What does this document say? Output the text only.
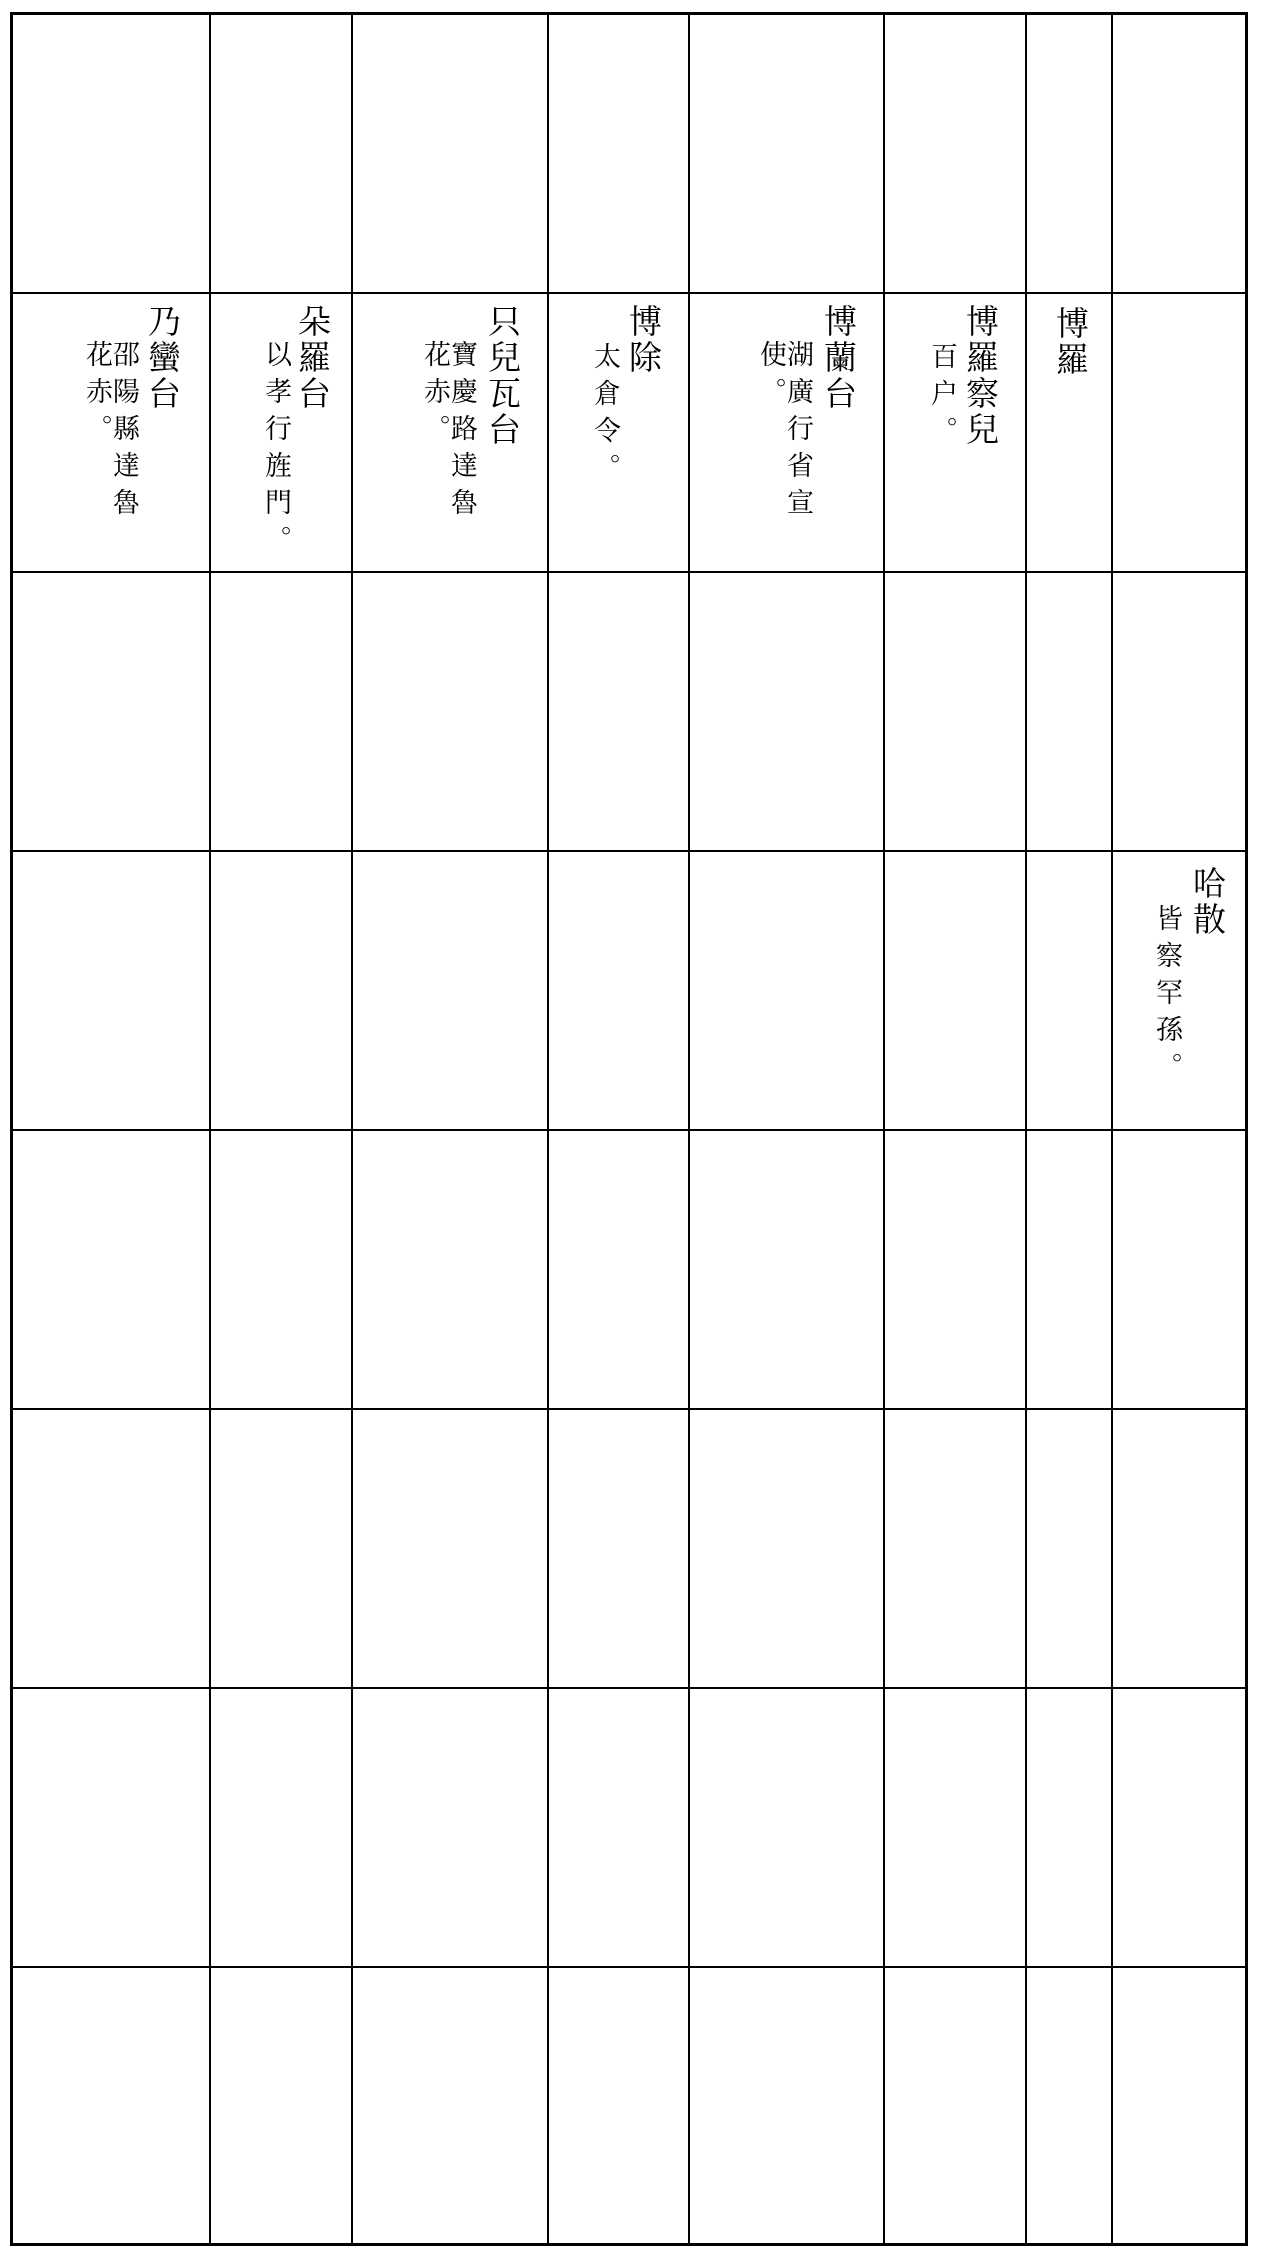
博羅
博羅察兒
百户。
博蘭台
湖廣行省宣使。
博除
太倉令。
只兒瓦台
寶慶路達魯花赤。
朵羅台
以孝行旌門。
乃蠻台
邵陽縣達魯花赤。
哈散
皆察罕孫。
